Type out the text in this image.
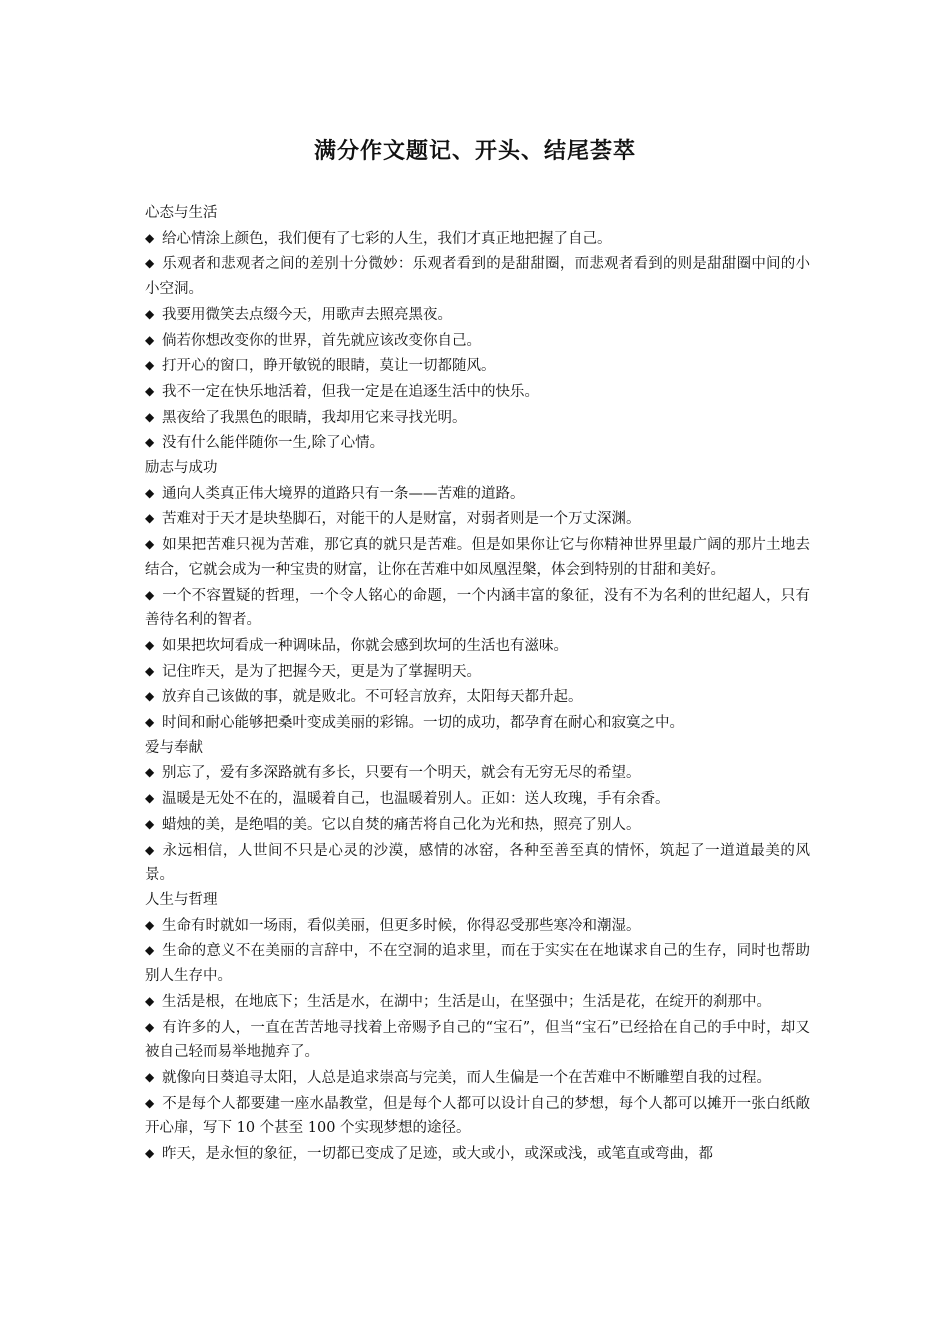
满分作文题记、开头、结尾荟萃

心态与生活

◆ 给心情涂上颜色，我们便有了七彩的人生，我们才真正地把握了自己。

◆ 乐观者和悲观者之间的差别十分微妙：乐观者看到的是甜甜圈，而悲观者看到的则是甜甜圈中间的小小空洞。

◆ 我要用微笑去点缀今天，用歌声去照亮黑夜。

◆ 倘若你想改变你的世界，首先就应该改变你自己。

◆ 打开心的窗口，睁开敏锐的眼睛，莫让一切都随风。

◆ 我不一定在快乐地活着，但我一定是在追逐生活中的快乐。

◆ 黑夜给了我黑色的眼睛，我却用它来寻找光明。

◆ 没有什么能伴随你一生,除了心情。

励志与成功

◆ 通向人类真正伟大境界的道路只有一条——苦难的道路。

◆ 苦难对于天才是块垫脚石，对能干的人是财富，对弱者则是一个万丈深渊。

◆ 如果把苦难只视为苦难，那它真的就只是苦难。但是如果你让它与你精神世界里最广阔的那片土地去结合，它就会成为一种宝贵的财富，让你在苦难中如凤凰涅槃，体会到特别的甘甜和美好。

◆ 一个不容置疑的哲理，一个令人铭心的命题，一个内涵丰富的象征，没有不为名利的世纪超人，只有善待名利的智者。

◆ 如果把坎坷看成一种调味品，你就会感到坎坷的生活也有滋味。

◆ 记住昨天，是为了把握今天，更是为了掌握明天。

◆ 放弃自己该做的事，就是败北。不可轻言放弃，太阳每天都升起。

◆ 时间和耐心能够把桑叶变成美丽的彩锦。一切的成功，都孕育在耐心和寂寞之中。

爱与奉献

◆ 别忘了，爱有多深路就有多长，只要有一个明天，就会有无穷无尽的希望。

◆ 温暖是无处不在的，温暖着自己，也温暖着别人。正如：送人玫瑰，手有余香。

◆ 蜡烛的美，是绝唱的美。它以自焚的痛苦将自己化为光和热，照亮了别人。

◆ 永远相信，人世间不只是心灵的沙漠，感情的冰窑，各种至善至真的情怀，筑起了一道道最美的风景。

人生与哲理

◆ 生命有时就如一场雨，看似美丽，但更多时候，你得忍受那些寒冷和潮湿。

◆ 生命的意义不在美丽的言辞中，不在空洞的追求里，而在于实实在在地谋求自己的生存，同时也帮助别人生存中。

◆ 生活是根，在地底下；生活是水，在湖中；生活是山，在坚强中；生活是花，在绽开的刹那中。

◆ 有许多的人，一直在苦苦地寻找着上帝赐予自己的“宝石”，但当“宝石”已经拾在自己的手中时，却又被自己轻而易举地抛弃了。

◆ 就像向日葵追寻太阳，人总是追求崇高与完美，而人生偏是一个在苦难中不断雕塑自我的过程。

◆ 不是每个人都要建一座水晶教堂，但是每个人都可以设计自己的梦想，每个人都可以摊开一张白纸敞开心扉，写下 10 个甚至 100 个实现梦想的途径。

◆ 昨天，是永恒的象征，一切都已变成了足迹，或大或小，或深或浅，或笔直或弯曲，都
